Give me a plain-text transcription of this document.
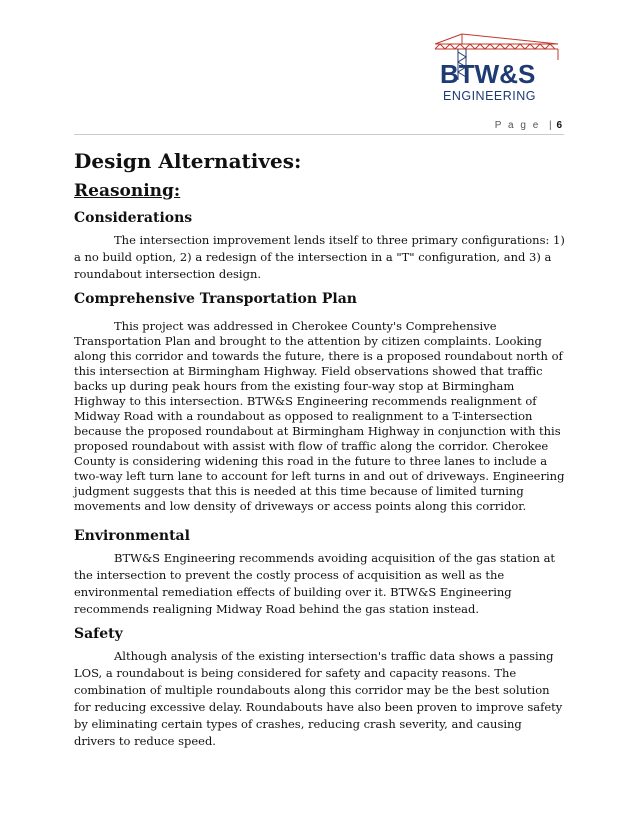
BTW&S
ENGINEERING
P a g e | 6
Design Alternatives:
Reasoning:
Considerations

The intersection improvement lends itself to three primary configurations: 1) a no build option, 2) a redesign of the intersection in a "T" configuration, and 3) a roundabout intersection design.

Comprehensive Transportation Plan

This project was addressed in Cherokee County's Comprehensive Transportation Plan and brought to the attention by citizen complaints. Looking along this corridor and towards the future, there is a proposed roundabout north of this intersection at Birmingham Highway. Field observations showed that traffic backs up during peak hours from the existing four-way stop at Birmingham Highway to this intersection. BTW&S Engineering recommends realignment of Midway Road with a roundabout as opposed to realignment to a T-intersection because the proposed roundabout at Birmingham Highway in conjunction with this proposed roundabout with assist with flow of traffic along the corridor. Cherokee County is considering widening this road in the future to three lanes to include a two-way left turn lane to account for left turns in and out of driveways. Engineering judgment suggests that this is needed at this time because of limited turning movements and low density of driveways or access points along this corridor.

Environmental

BTW&S Engineering recommends avoiding acquisition of the gas station at the intersection to prevent the costly process of acquisition as well as the environmental remediation effects of building over it. BTW&S Engineering recommends realigning Midway Road behind the gas station instead.

Safety

Although analysis of the existing intersection's traffic data shows a passing LOS, a roundabout is being considered for safety and capacity reasons. The combination of multiple roundabouts along this corridor may be the best solution for reducing excessive delay. Roundabouts have also been proven to improve safety by eliminating certain types of crashes, reducing crash severity, and causing drivers to reduce speed.
